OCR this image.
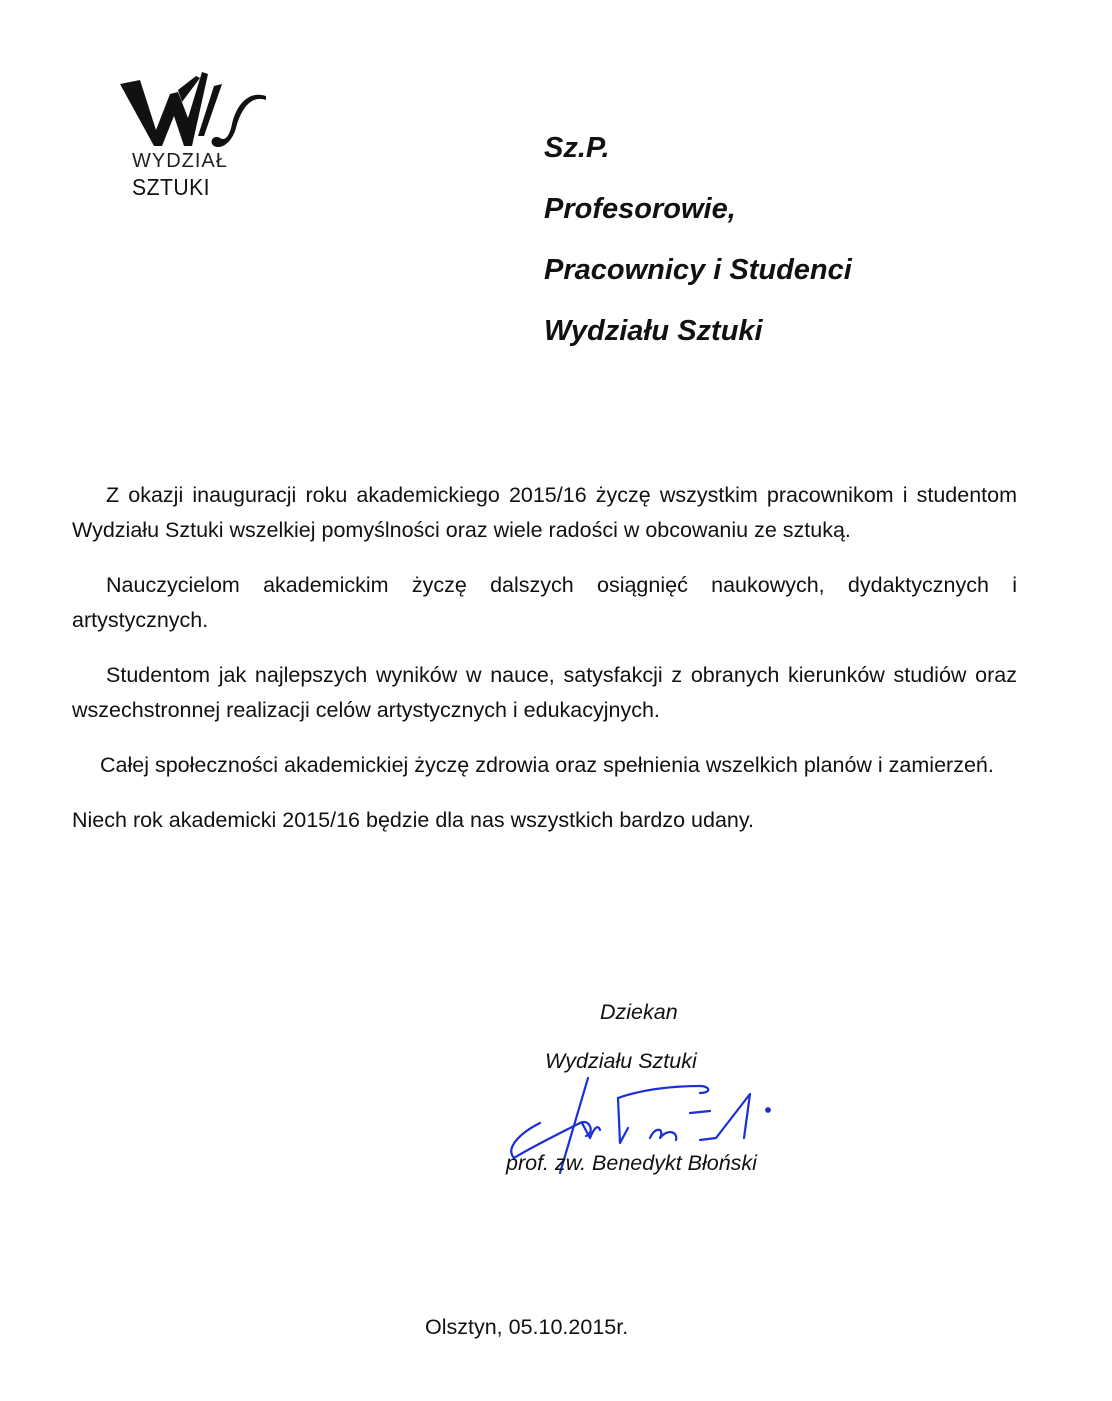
WYDZIAŁ
SZTUKI
Sz.P.
Profesorowie,
Pracownicy i Studenci
Wydziału Sztuki

Z okazji inauguracji roku akademickiego 2015/16 życzę wszystkim pracownikom i studentom Wydziału Sztuki wszelkiej pomyślności oraz wiele radości w obcowaniu ze sztuką.

Nauczycielom akademickim życzę dalszych osiągnięć naukowych, dydaktycznych i artystycznych.

Studentom jak najlepszych wyników w nauce, satysfakcji z obranych kierunków studiów oraz wszechstronnej realizacji celów artystycznych i edukacyjnych.

Całej społeczności akademickiej życzę zdrowia oraz spełnienia wszelkich planów i zamierzeń.

Niech rok akademicki 2015/16 będzie dla nas wszystkich bardzo udany.

Dziekan
Wydziału Sztuki
prof. zw. Benedykt Błoński
Olsztyn, 05.10.2015r.
